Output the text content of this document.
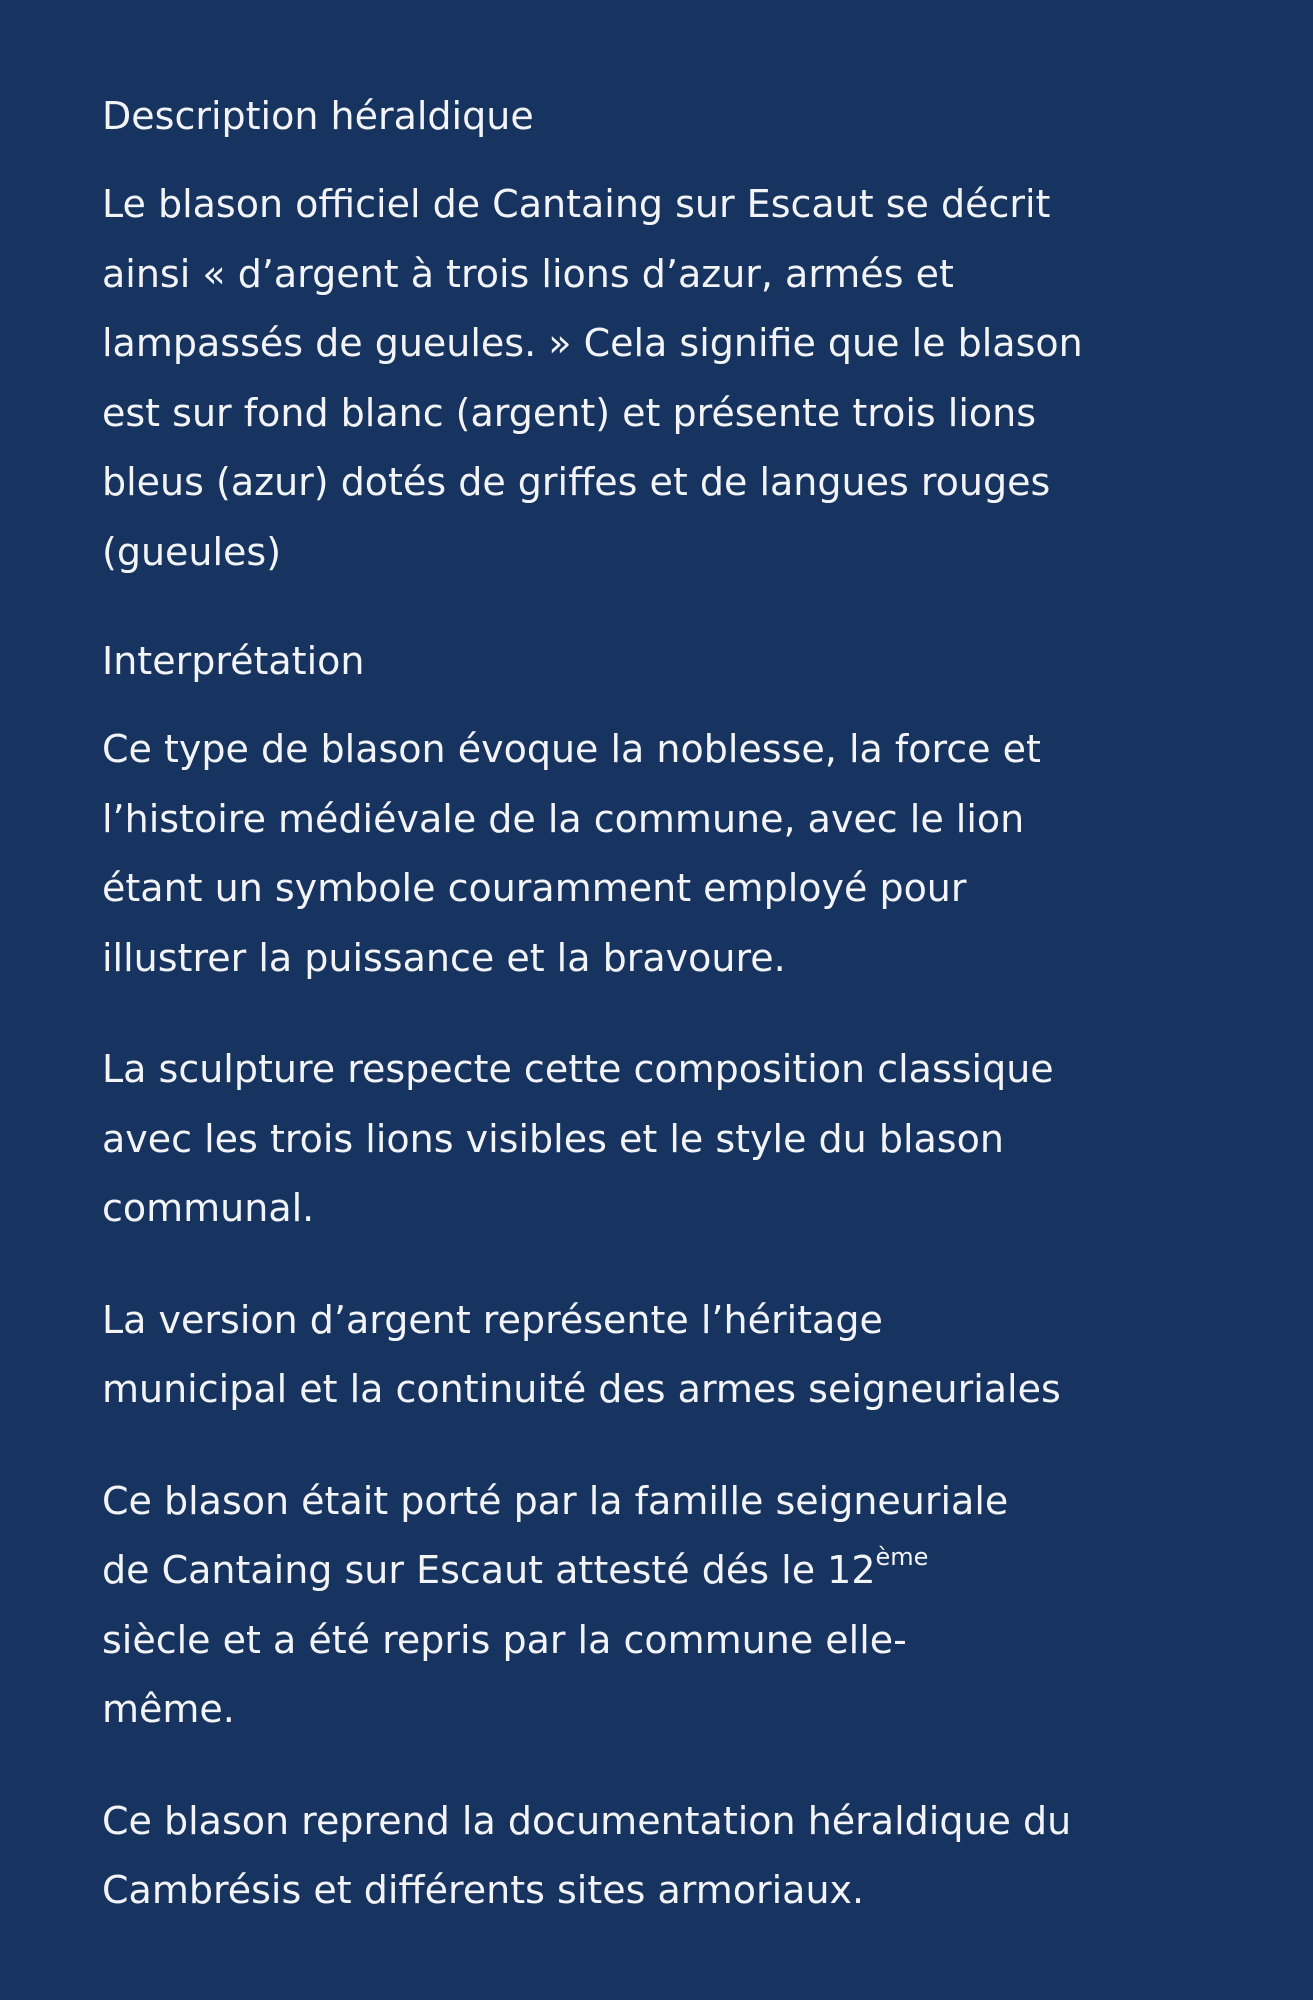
Description héraldique
Le blason officiel de Cantaing sur Escaut se décrit
ainsi « d’argent à trois lions d’azur, armés et
lampassés de gueules. » Cela signifie que le blason
est sur fond blanc (argent) et présente trois lions
bleus (azur) dotés de griffes et de langues rouges
(gueules)
Interprétation
Ce type de blason évoque la noblesse, la force et
l’histoire médiévale de la commune, avec le lion
étant un symbole couramment employé pour
illustrer la puissance et la bravoure.
La sculpture respecte cette composition classique
avec les trois lions visibles et le style du blason
communal.
La version d’argent représente l’héritage
municipal et la continuité des armes seigneuriales
Ce blason était porté par la famille seigneuriale
de Cantaing sur Escaut attesté dés le 12ème
siècle et a été repris par la commune elle-
même.
Ce blason reprend la documentation héraldique du
Cambrésis et différents sites armoriaux.
